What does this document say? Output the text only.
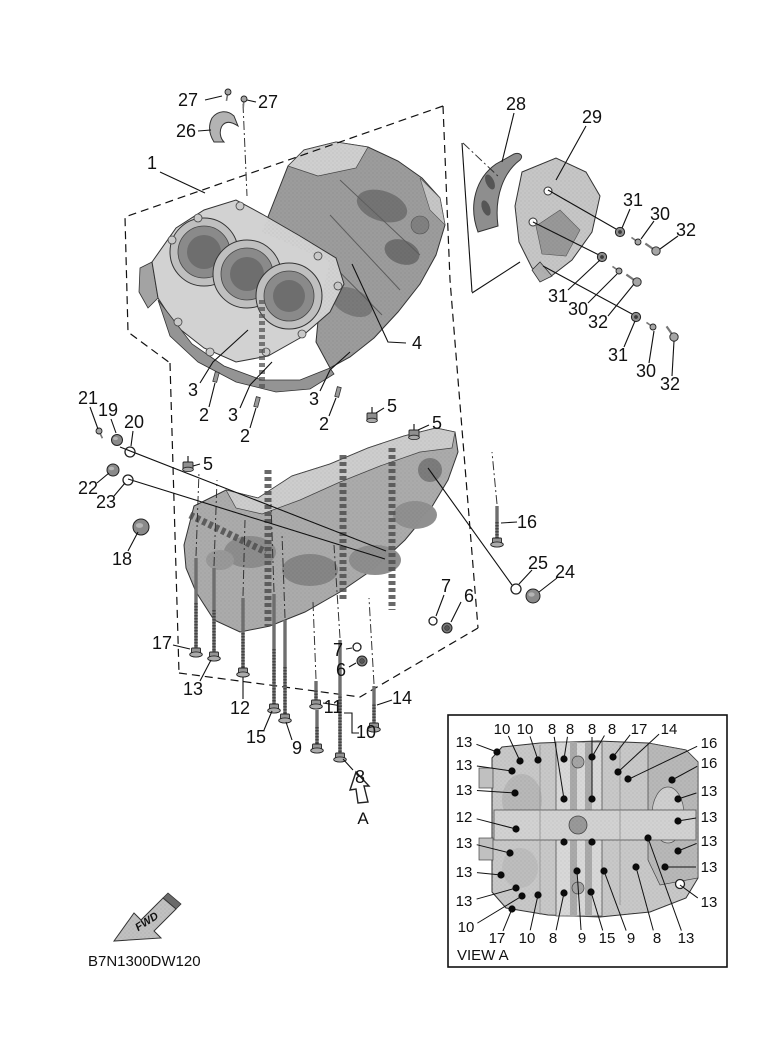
FWD
VIEW A
10 10 8 8 8 8 17 14
16
16
13
13
13
13
13
13
13
13
12
13
13
13
10
17 10 8 9 15 9 8 13
27	27
26
1
28
29
31
30
32
31
30
32
31
30
32
4
3
2 3
2
3
2
5
5
5
21
19
20
22
23
18
17
13
12
15
9
11
10
8
7
6
14
16
25 24
7 6
B7N1300DW120
A
